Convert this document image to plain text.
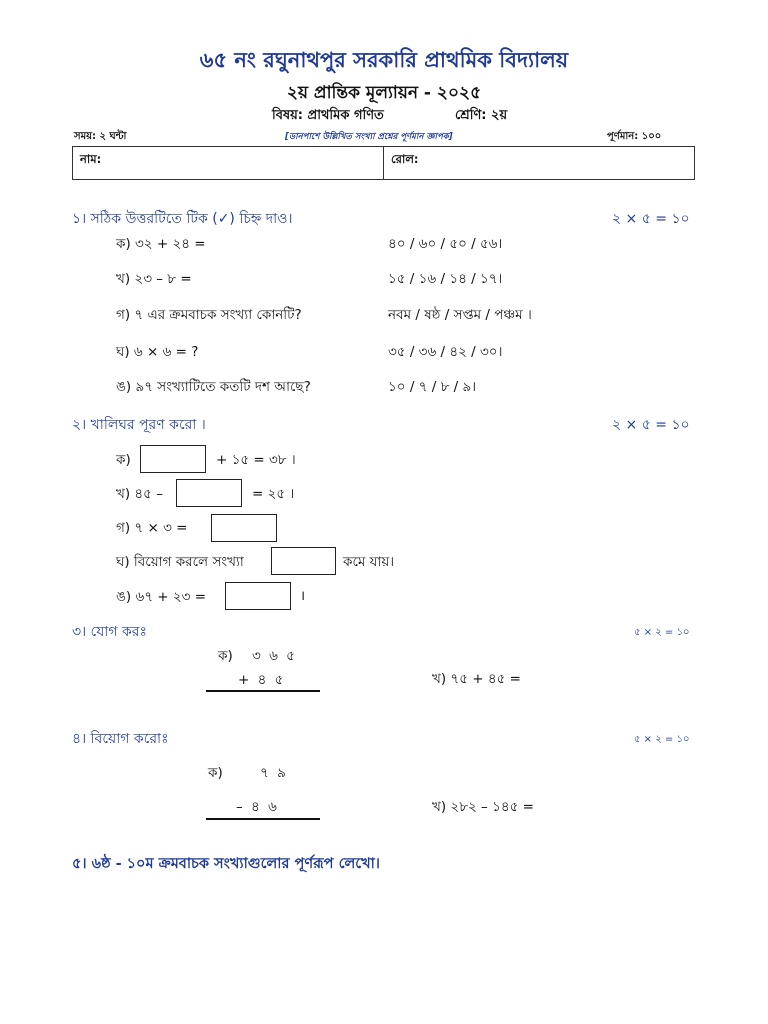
৬৫ নং রঘুনাথপুর সরকারি প্রাথমিক বিদ্যালয়
২য় প্রান্তিক মূল্যায়ন - ২০২৫
বিষয়: প্রাথমিক গণিত	শ্রেণি: ২য়
সময়: ২ ঘন্টা	[ডানপাশে উল্লিখিত সংখ্যা প্রশ্নের পূর্ণমান জ্ঞাপক]	পূর্ণমান: ১০০
নাম:	রোল:
১। সঠিক উত্তরটিতে টিক (✓) চিহ্ন দাও।	২ × ৫ = ১০
ক) ৩২ + ২৪ =	৪০ / ৬০ / ৫০ / ৫৬।
খ) ২৩ – ৮ =	১৫ / ১৬ / ১৪ / ১৭।
গ) ৭ এর ক্রমবাচক সংখ্যা কোনটি?	নবম / ষষ্ঠ / সপ্তম / পঞ্চম ।
ঘ) ৬ × ৬ = ?	৩৫ / ৩৬ / ৪২ / ৩০।
ঙ) ৯৭ সংখ্যাটিতে কতটি দশ আছে?	১০ / ৭ / ৮ / ৯।
২। খালিঘর পূরণ করো ।	২ × ৫ = ১০
ক)	+ ১৫ = ৩৮ ।
খ) ৪৫ –	= ২৫ ।
গ) ৭ × ৩ =
ঘ) বিয়োগ করলে সংখ্যা	কমে যায়।
ঙ) ৬৭ + ২৩ =	।
৩। যোগ করঃ	৫ × ২ = ১০
ক) ৩ ৬ ৫
+ ৪ ৫	খ) ৭৫ + ৪৫ =
৪। বিয়োগ করোঃ	৫ × ২ = ১০
ক)	৭ ৯
– ৪ ৬	খ) ২৮২ – ১৪৫ =
৫। ৬ষ্ঠ - ১০ম ক্রমবাচক সংখ্যাগুলোর পূর্ণরূপ লেখো।
